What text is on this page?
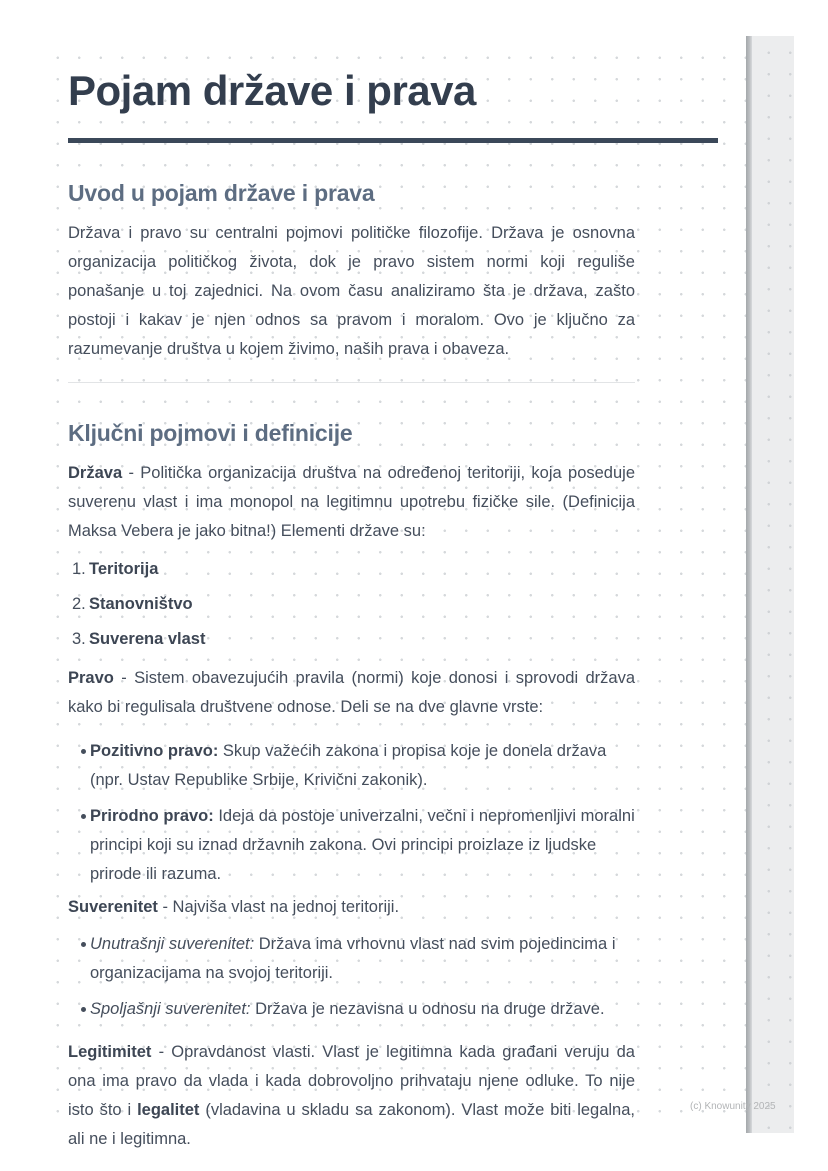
Pojam države i prava
Uvod u pojam države i prava

Država i pravo su centralni pojmovi političke filozofije. Država je osnovna organizacija političkog života, dok je pravo sistem normi koji reguliše ponašanje u toj zajednici. Na ovom času analiziramo šta je država, zašto postoji i kakav je njen odnos sa pravom i moralom. Ovo je ključno za razumevanje društva u kojem živimo, naših prava i obaveza.

Ključni pojmovi i definicije

Država - Politička organizacija društva na određenoj teritoriji, koja poseduje suverenu vlast i ima monopol na legitimnu upotrebu fizičke sile. (Definicija Maksa Vebera je jako bitna!) Elementi države su:

1. Teritorija
2. Stanovništvo
3. Suverena vlast

Pravo - Sistem obavezujućih pravila (normi) koje donosi i sprovodi država kako bi regulisala društvene odnose. Deli se na dve glavne vrste:

Pozitivno pravo: Skup važećih zakona i propisa koje je donela država (npr. Ustav Republike Srbije, Krivični zakonik).
Prirodno pravo: Ideja da postoje univerzalni, večni i nepromenljivi moralni principi koji su iznad državnih zakona. Ovi principi proizlaze iz ljudske prirode ili razuma.

Suverenitet - Najviša vlast na jednoj teritoriji.

Unutrašnji suverenitet: Država ima vrhovnu vlast nad svim pojedincima i organizacijama na svojoj teritoriji.
Spoljašnji suverenitet: Država je nezavisna u odnosu na druge države.

Legitimitet - Opravdanost vlasti. Vlast je legitimna kada građani veruju da ona ima pravo da vlada i kada dobrovoljno prihvataju njene odluke. To nije isto što i legalitet (vladavina u skladu sa zakonom). Vlast može biti legalna, ali ne i legitimna.

(c) Knowunity 2025
